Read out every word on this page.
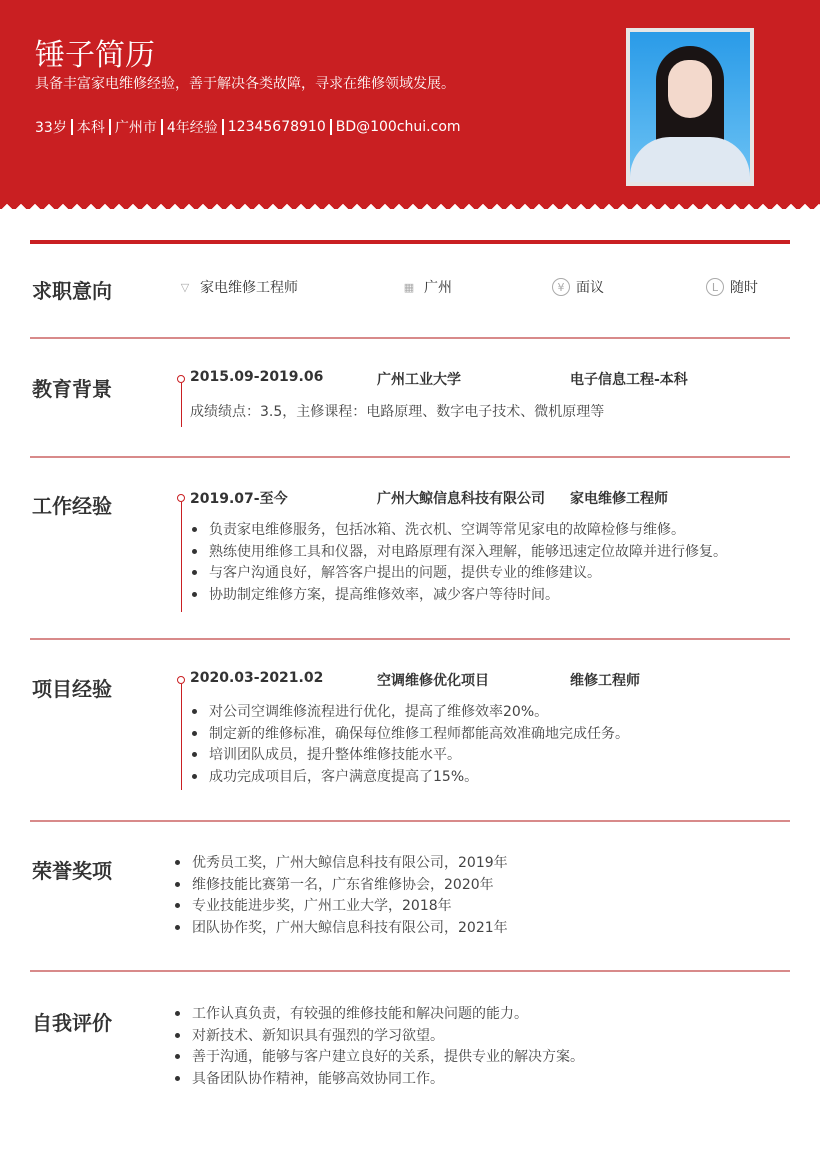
锤子简历
具备丰富家电维修经验，善于解决各类故障，寻求在维修领域发展。
33岁 本科 广州市 4年经验 12345678910 BD@100chui.com
求职意向	▽ 家电维修工程师	▦ 广州	¥ 面议	L 随时
教育背景	2015.09-2019.06	广州工业大学	电子信息工程-本科
成绩绩点：3.5，主修课程：电路原理、数字电子技术、微机原理等
工作经验	2019.07-至今	广州大鲸信息科技有限公司 家电维修工程师
负责家电维修服务，包括冰箱、洗衣机、空调等常见家电的故障检修与维修。
熟练使用维修工具和仪器，对电路原理有深入理解，能够迅速定位故障并进行修复。
与客户沟通良好，解答客户提出的问题，提供专业的维修建议。
协助制定维修方案，提高维修效率，减少客户等待时间。
项目经验	2020.03-2021.02	空调维修优化项目	维修工程师
对公司空调维修流程进行优化，提高了维修效率20%。
制定新的维修标准，确保每位维修工程师都能高效准确地完成任务。
培训团队成员，提升整体维修技能水平。
成功完成项目后，客户满意度提高了15%。
荣誉奖项	优秀员工奖，广州大鲸信息科技有限公司，2019年
维修技能比赛第一名，广东省维修协会，2020年
专业技能进步奖，广州工业大学，2018年
团队协作奖，广州大鲸信息科技有限公司，2021年
自我评价	工作认真负责，有较强的维修技能和解决问题的能力。
对新技术、新知识具有强烈的学习欲望。
善于沟通，能够与客户建立良好的关系，提供专业的解决方案。
具备团队协作精神，能够高效协同工作。
